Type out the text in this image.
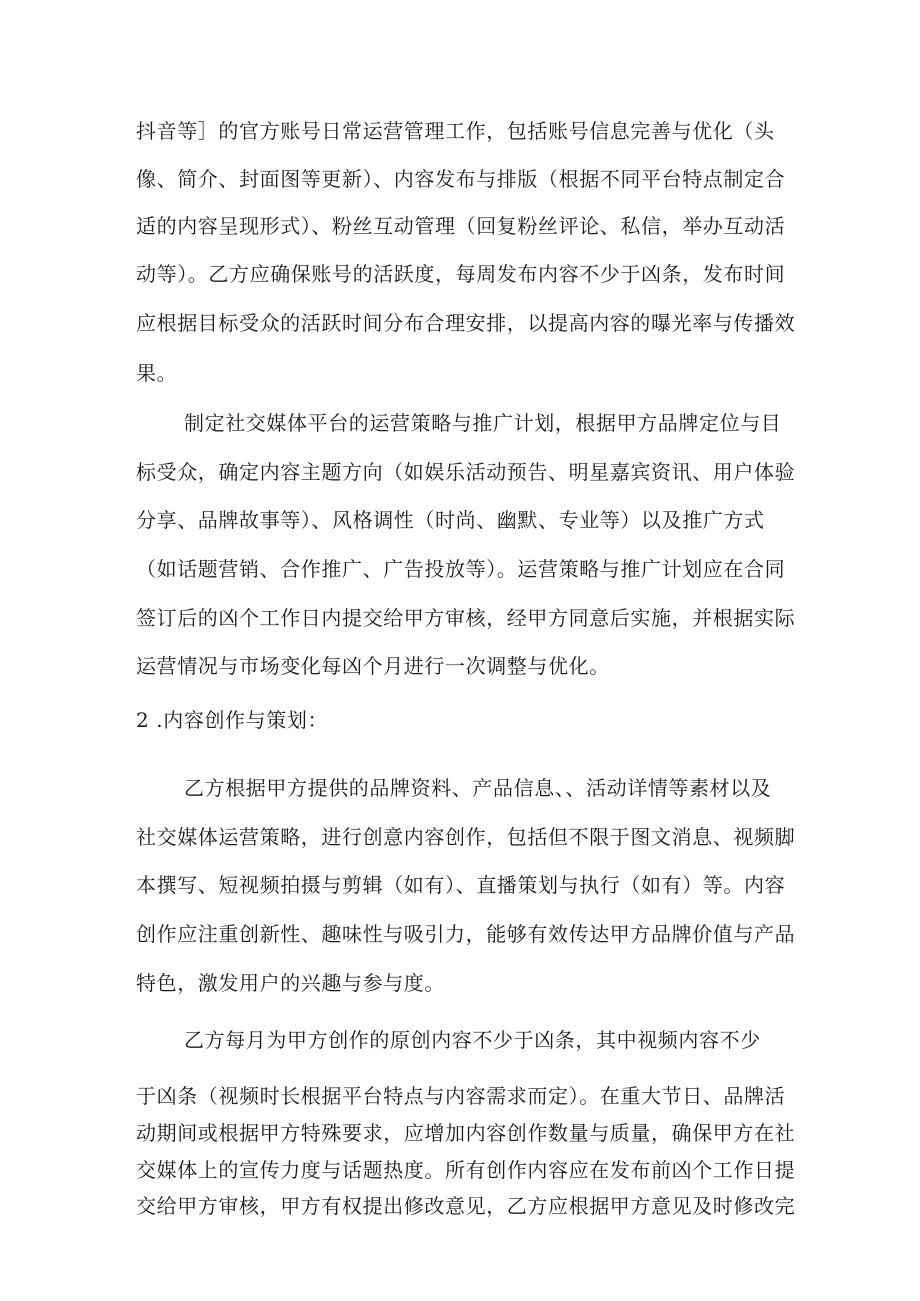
抖音等］的官方账号日常运营管理工作，包括账号信息完善与优化（头
像、简介、封面图等更新）、内容发布与排版（根据不同平台特点制定合
适的内容呈现形式）、粉丝互动管理（回复粉丝评论、私信，举办互动活
动等）。乙方应确保账号的活跃度，每周发布内容不少于凶条，发布时间
应根据目标受众的活跃时间分布合理安排，以提高内容的曝光率与传播效
果。
制定社交媒体平台的运营策略与推广计划，根据甲方品牌定位与目
标受众，确定内容主题方向（如娱乐活动预告、明星嘉宾资讯、用户体验
分享、品牌故事等）、风格调性（时尚、幽默、专业等）以及推广方式
（如话题营销、合作推广、广告投放等）。运营策略与推广计划应在合同
签订后的凶个工作日内提交给甲方审核，经甲方同意后实施，并根据实际
运营情况与市场变化每凶个月进行一次调整与优化。
2 .内容创作与策划：
乙方根据甲方提供的品牌资料、产品信息、、活动详情等素材以及
社交媒体运营策略，进行创意内容创作，包括但不限于图文消息、视频脚
本撰写、短视频拍摄与剪辑（如有）、直播策划与执行（如有）等。内容
创作应注重创新性、趣味性与吸引力，能够有效传达甲方品牌价值与产品
特色，激发用户的兴趣与参与度。
乙方每月为甲方创作的原创内容不少于凶条，其中视频内容不少
于凶条（视频时长根据平台特点与内容需求而定）。在重大节日、品牌活
动期间或根据甲方特殊要求，应增加内容创作数量与质量，确保甲方在社
交媒体上的宣传力度与话题热度。所有创作内容应在发布前凶个工作日提
交给甲方审核，甲方有权提出修改意见，乙方应根据甲方意见及时修改完
